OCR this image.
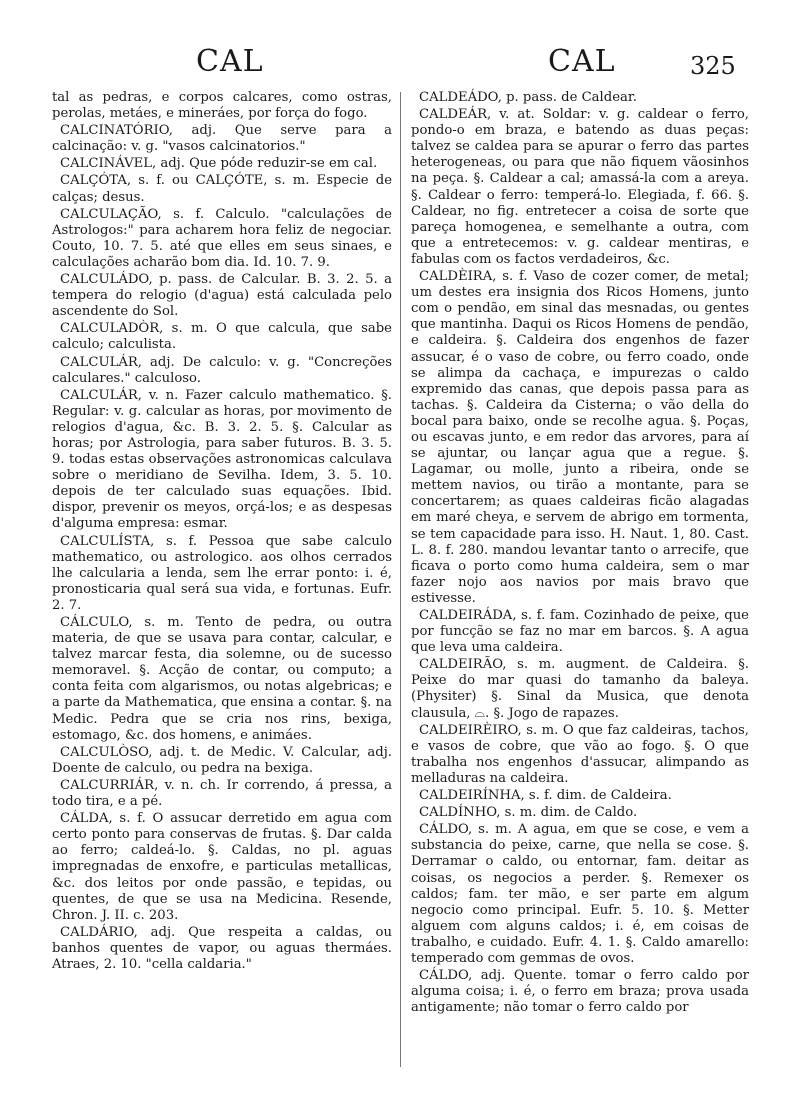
CAL	CAL	325

tal as pedras, e corpos calcares, como ostras, perolas, metáes, e mineráes, por força do fogo.

CALCINATÓRIO, adj. Que serve para a calcinação: v. g. "vasos calcinatorios."

CALCINÁVEL, adj. Que póde reduzir-se em cal.

CALÇÓTA, s. f. ou CALÇÓTE, s. m. Especie de calças; desus.

CALCULAÇÃO, s. f. Calculo. "calculações de Astrologos:" para acharem hora feliz de negociar. Couto, 10. 7. 5. até que elles em seus sinaes, e calculações acharão bom dia. Id. 10. 7. 9.

CALCULÁDO, p. pass. de Calcular. B. 3. 2. 5. a tempera do relogio (d'agua) está calculada pelo ascendente do Sol.

CALCULADÒR, s. m. O que calcula, que sabe calculo; calculista.

CALCULÁR, adj. De calculo: v. g. "Concreções calculares." calculoso.

CALCULÁR, v. n. Fazer calculo mathematico. §. Regular: v. g. calcular as horas, por movimento de relogios d'agua, &c. B. 3. 2. 5. §. Calcular as horas; por Astrologia, para saber futuros. B. 3. 5. 9. todas estas observações astronomicas calculava sobre o meridiano de Sevilha. Idem, 3. 5. 10. depois de ter calculado suas equações. Ibid. dispor, prevenir os meyos, orçá-los; e as despesas d'alguma empresa: esmar.

CALCULÍSTA, s. f. Pessoa que sabe calculo mathematico, ou astrologico. aos olhos cerrados lhe calcularia a lenda, sem lhe errar ponto: i. é, pronosticaria qual será sua vida, e fortunas. Eufr. 2. 7.

CÁLCULO, s. m. Tento de pedra, ou outra materia, de que se usava para contar, calcular, e talvez marcar festa, dia solemne, ou de sucesso memoravel. §. Acção de contar, ou computo; a conta feita com algarismos, ou notas algebricas; e a parte da Mathematica, que ensina a contar. §. na Medic. Pedra que se cria nos rins, bexiga, estomago, &c. dos homens, e animáes.

CALCULÒSO, adj. t. de Medic. V. Calcular, adj. Doente de calculo, ou pedra na bexiga.

CALCURRIÁR, v. n. ch. Ir correndo, á pressa, a todo tira, e a pé.

CÁLDA, s. f. O assucar derretido em agua com certo ponto para conservas de frutas. §. Dar calda ao ferro; caldeá-lo. §. Caldas, no pl. aguas impregnadas de enxofre, e particulas metallicas, &c. dos leitos por onde passão, e tepidas, ou quentes, de que se usa na Medicina. Resende, Chron. J. II. c. 203.

CALDÁRIO, adj. Que respeita a caldas, ou banhos quentes de vapor, ou aguas thermáes. Atraes, 2. 10. "cella caldaria."

CALDEÁDO, p. pass. de Caldear.

CALDEÁR, v. at. Soldar: v. g. caldear o ferro, pondo-o em braza, e batendo as duas peças: talvez se caldea para se apurar o ferro das partes heterogeneas, ou para que não fiquem vãosinhos na peça. §. Caldear a cal; amassá-la com a areya. §. Caldear o ferro: temperá-lo. Elegiada, f. 66. §. Caldear, no fig. entretecer a coisa de sorte que pareça homogenea, e semelhante a outra, com que a entretecemos: v. g. caldear mentiras, e fabulas com os factos verdadeiros, &c.

CALDÈIRA, s. f. Vaso de cozer comer, de metal; um destes era insignia dos Ricos Homens, junto com o pendão, em sinal das mesnadas, ou gentes que mantinha. Daqui os Ricos Homens de pendão, e caldeira. §. Caldeira dos engenhos de fazer assucar, é o vaso de cobre, ou ferro coado, onde se alimpa da cachaça, e impurezas o caldo expremido das canas, que depois passa para as tachas. §. Caldeira da Cisterna; o vão della do bocal para baixo, onde se recolhe agua. §. Poças, ou escavas junto, e em redor das arvores, para aí se ajuntar, ou lançar agua que a regue. §. Lagamar, ou molle, junto a ribeira, onde se mettem navios, ou tirão a montante, para se concertarem; as quaes caldeiras ficão alagadas em maré cheya, e servem de abrigo em tormenta, se tem capacidade para isso. H. Naut. 1, 80. Cast. L. 8. f. 280. mandou levantar tanto o arrecife, que ficava o porto como huma caldeira, sem o mar fazer nojo aos navios por mais bravo que estivesse.

CALDEIRÁDA, s. f. fam. Cozinhado de peixe, que por funcção se faz no mar em barcos. §. A agua que leva uma caldeira.

CALDEIRÃO, s. m. augment. de Caldeira. §. Peixe do mar quasi do tamanho da baleya. (Physiter) §. Sinal da Musica, que denota clausula, ⌓. §. Jogo de rapazes.

CALDEIRÈIRO, s. m. O que faz caldeiras, tachos, e vasos de cobre, que vão ao fogo. §. O que trabalha nos engenhos d'assucar, alimpando as melladuras na caldeira.

CALDEIRÍNHA, s. f. dim. de Caldeira.

CALDÍNHO, s. m. dim. de Caldo.

CÁLDO, s. m. A agua, em que se cose, e vem a substancia do peixe, carne, que nella se cose. §. Derramar o caldo, ou entornar, fam. deitar as coisas, os negocios a perder. §. Remexer os caldos; fam. ter mão, e ser parte em algum negocio como principal. Eufr. 5. 10. §. Metter alguem com alguns caldos; i. é, em coisas de trabalho, e cuidado. Eufr. 4. 1. §. Caldo amarello: temperado com gemmas de ovos.

CÁLDO, adj. Quente. tomar o ferro caldo por alguma coisa; i. é, o ferro em braza; prova usada antigamente; não tomar o ferro caldo por
